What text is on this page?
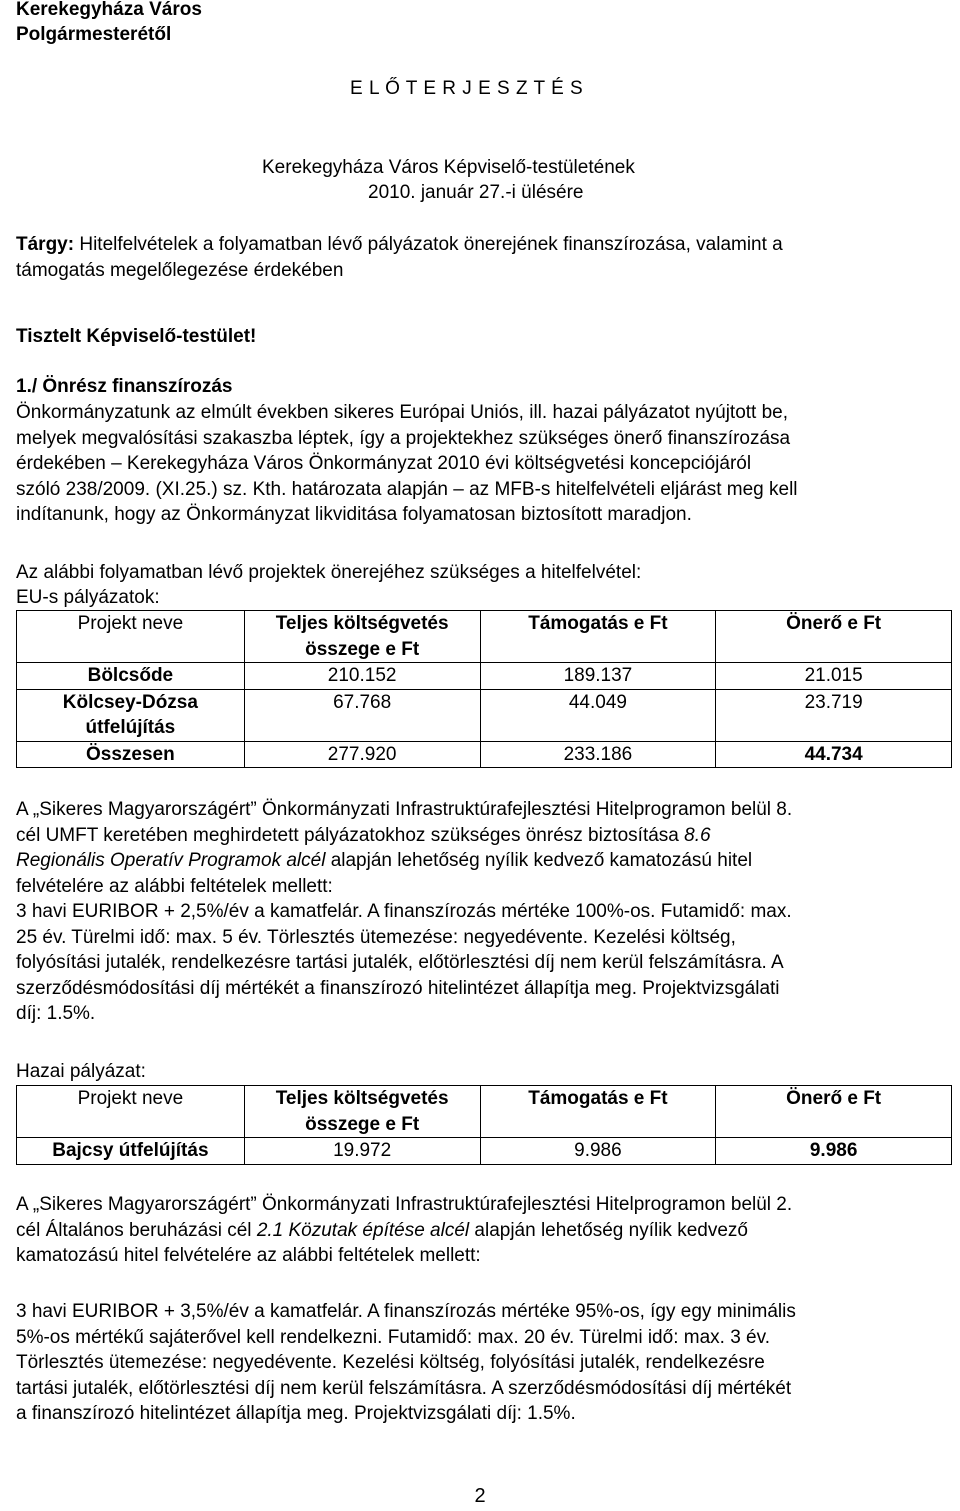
Kerekegyháza Város

Polgármesterétől

E L Ő T E R J E S Z T É S

Kerekegyháza Város Képviselő-testületének

2010. január 27.-i ülésére

Tárgy: Hitelfelvételek a folyamatban lévő pályázatok önerejének finanszírozása, valamint a
támogatás megelőlegezése érdekében

Tisztelt Képviselő-testület!

1./ Önrész finanszírozás

Önkormányzatunk az elmúlt években sikeres Európai Uniós, ill. hazai pályázatot nyújtott be,
melyek megvalósítási szakaszba léptek, így a projektekhez szükséges önerő finanszírozása
érdekében – Kerekegyháza Város Önkormányzat 2010 évi költségvetési koncepciójáról
szóló 238/2009. (XI.25.) sz. Kth. határozata alapján – az MFB-s hitelfelvételi eljárást meg kell
indítanunk, hogy az Önkormányzat likviditása folyamatosan biztosított maradjon.

Az alábbi folyamatban lévő projektek önerejéhez szükséges a hitelfelvétel:

EU-s pályázatok:

Projekt neve	Teljes költségvetés
összege e Ft	Támogatás e Ft	Önerő e Ft
Bölcsőde	210.152	189.137	21.015

Kölcsey-Dózsa
útfelújítás	67.768	44.049	23.719
Összesen	277.920	233.186	44.734
A „Sikeres Magyarországért” Önkormányzati Infrastruktúrafejlesztési Hitelprogramon belül 8.
cél UMFT keretében meghirdetett pályázatokhoz szükséges önrész biztosítása 8.6
Regionális Operatív Programok alcél alapján lehetőség nyílik kedvező kamatozású hitel
felvételére az alábbi feltételek mellett:
3 havi EURIBOR + 2,5%/év a kamatfelár. A finanszírozás mértéke 100%-os. Futamidő: max.
25 év. Türelmi idő: max. 5 év. Törlesztés ütemezése: negyedévente. Kezelési költség,
folyósítási jutalék, rendelkezésre tartási jutalék, előtörlesztési díj nem kerül felszámításra. A
szerződésmódosítási díj mértékét a finanszírozó hitelintézet állapítja meg. Projektvizsgálati
díj: 1.5%.

Hazai pályázat:

Projekt neve	Teljes költségvetés
összege e Ft	Támogatás e Ft	Önerő e Ft
Bajcsy útfelújítás	19.972	9.986	9.986
A „Sikeres Magyarországért” Önkormányzati Infrastruktúrafejlesztési Hitelprogramon belül 2.
cél Általános beruházási cél 2.1 Közutak építése alcél alapján lehetőség nyílik kedvező
kamatozású hitel felvételére az alábbi feltételek mellett:
3 havi EURIBOR + 3,5%/év a kamatfelár. A finanszírozás mértéke 95%-os, így egy minimális
5%-os mértékű sajáterővel kell rendelkezni. Futamidő: max. 20 év. Türelmi idő: max. 3 év.
Törlesztés ütemezése: negyedévente. Kezelési költség, folyósítási jutalék, rendelkezésre
tartási jutalék, előtörlesztési díj nem kerül felszámításra. A szerződésmódosítási díj mértékét
a finanszírozó hitelintézet állapítja meg. Projektvizsgálati díj: 1.5%.
2
